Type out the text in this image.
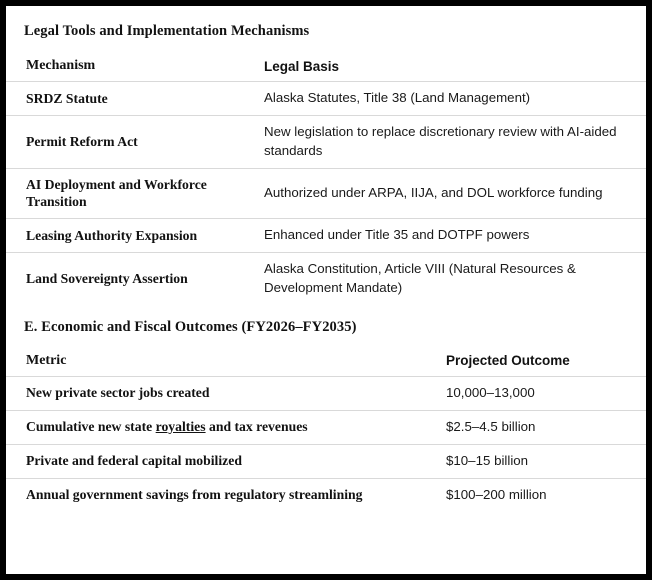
Legal Tools and Implementation Mechanisms
Mechanism	Legal Basis
SRDZ Statute	Alaska Statutes, Title 38 (Land Management)
Permit Reform Act	New legislation to replace discretionary review with AI-aided standards
AI Deployment and Workforce Transition	Authorized under ARPA, IIJA, and DOL workforce funding
Leasing Authority Expansion	Enhanced under Title 35 and DOTPF powers
Land Sovereignty Assertion	Alaska Constitution, Article VIII (Natural Resources & Development Mandate)
E. Economic and Fiscal Outcomes (FY2026–FY2035)
Metric	Projected Outcome
New private sector jobs created	10,000–13,000
Cumulative new state royalties and tax revenues	$2.5–4.5 billion
Private and federal capital mobilized	$10–15 billion
Annual government savings from regulatory streamlining	$100–200 million
